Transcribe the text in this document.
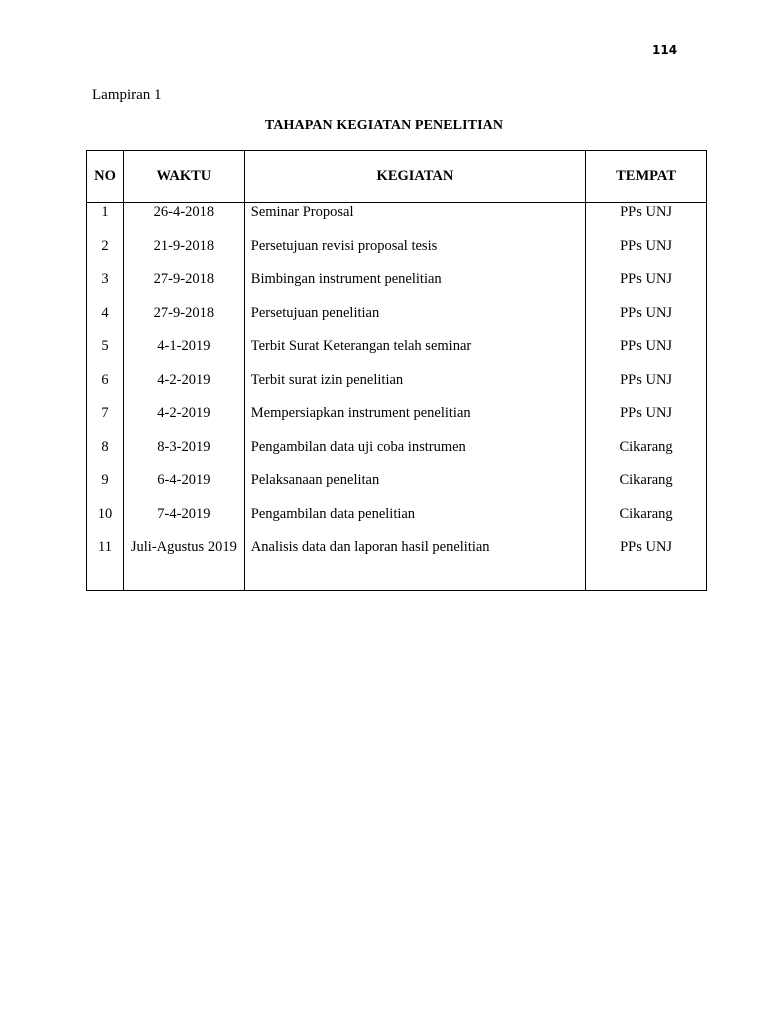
114
Lampiran 1
TAHAPAN KEGIATAN PENELITIAN
NO	WAKTU	KEGIATAN	TEMPAT
1	26-4-2018	Seminar Proposal	PPs UNJ
2	21-9-2018	Persetujuan revisi proposal tesis	PPs UNJ
3	27-9-2018	Bimbingan instrument penelitian	PPs UNJ
4	27-9-2018	Persetujuan penelitian	PPs UNJ
5	4-1-2019	Terbit Surat Keterangan telah seminar	PPs UNJ
6	4-2-2019	Terbit surat izin penelitian	PPs UNJ
7	4-2-2019	Mempersiapkan instrument penelitian	PPs UNJ
8	8-3-2019	Pengambilan data uji coba instrumen	Cikarang
9	6-4-2019	Pelaksanaan penelitan	Cikarang
10	7-4-2019	Pengambilan data penelitian	Cikarang
11	Juli-Agustus 2019	Analisis data dan laporan hasil penelitian	PPs UNJ
